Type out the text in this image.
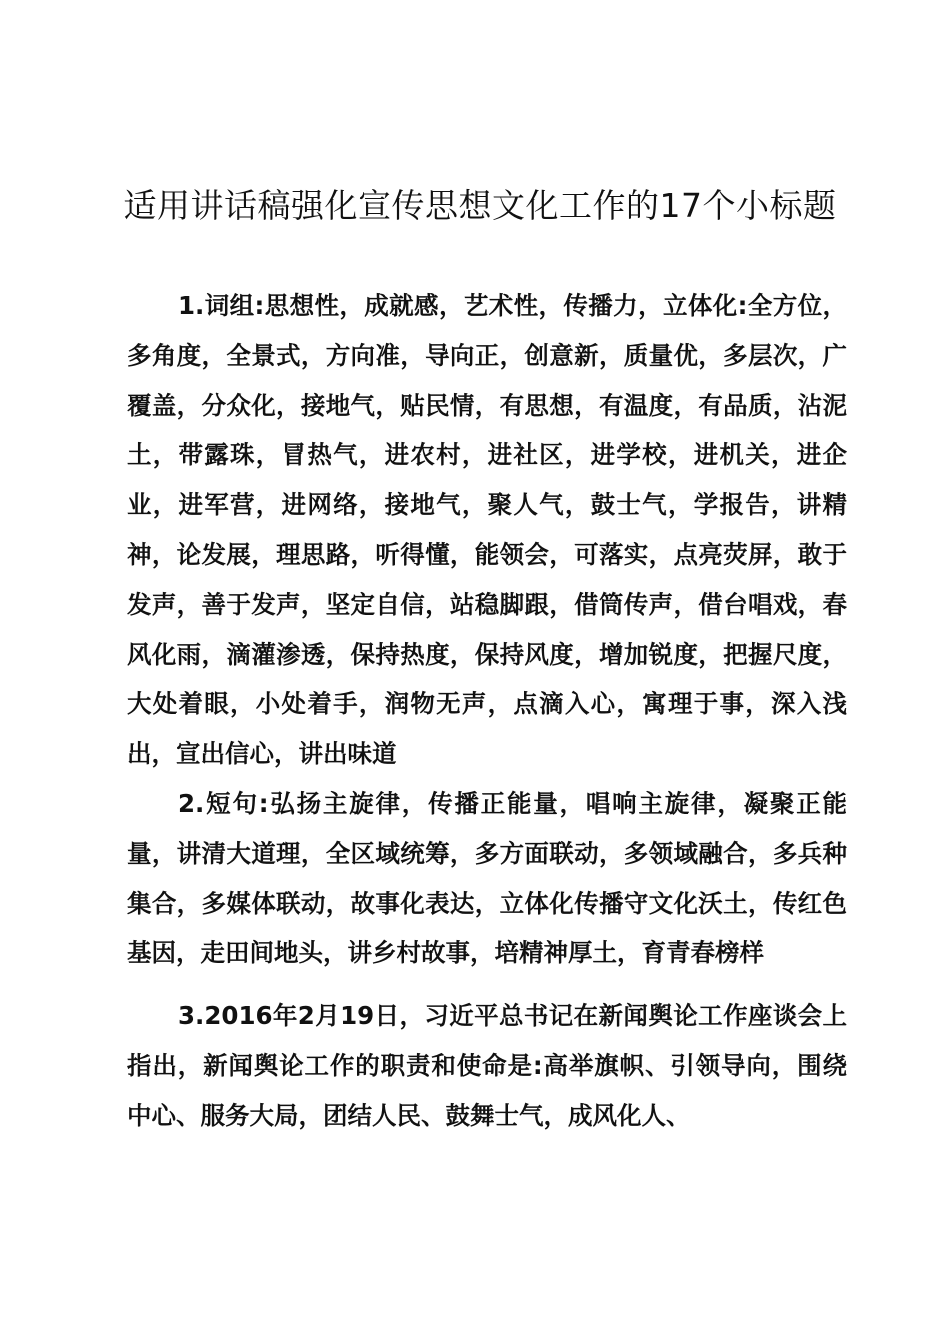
适用讲话稿强化宣传思想文化工作的17个小标题

1.词组:思想性，成就感，艺术性，传播力，立体化:全方位，多角度，全景式，方向准，导向正，创意新，质量优，多层次，广覆盖，分众化，接地气，贴民情，有思想，有温度，有品质，沾泥土，带露珠，冒热气，进农村，进社区，进学校，进机关，进企业，进军营，进网络，接地气，聚人气，鼓士气，学报告，讲精神，论发展，理思路，听得懂，能领会，可落实，点亮荧屏，敢于发声，善于发声，坚定自信，站稳脚跟，借筒传声，借台唱戏，春风化雨，滴灌渗透，保持热度，保持风度，增加锐度，把握尺度，大处着眼，小处着手，润物无声，点滴入心，寓理于事，深入浅出，宣出信心，讲出味道

2.短句:弘扬主旋律，传播正能量，唱响主旋律，凝聚正能量，讲清大道理，全区域统筹，多方面联动，多领域融合，多兵种集合，多媒体联动，故事化表达，立体化传播守文化沃土，传红色基因，走田间地头，讲乡村故事，培精神厚土，育青春榜样

3.2016年2月19日，习近平总书记在新闻舆论工作座谈会上指出，新闻舆论工作的职责和使命是:高举旗帜、引领导向，围绕中心、服务大局，团结人民、鼓舞士气，成风化人、
